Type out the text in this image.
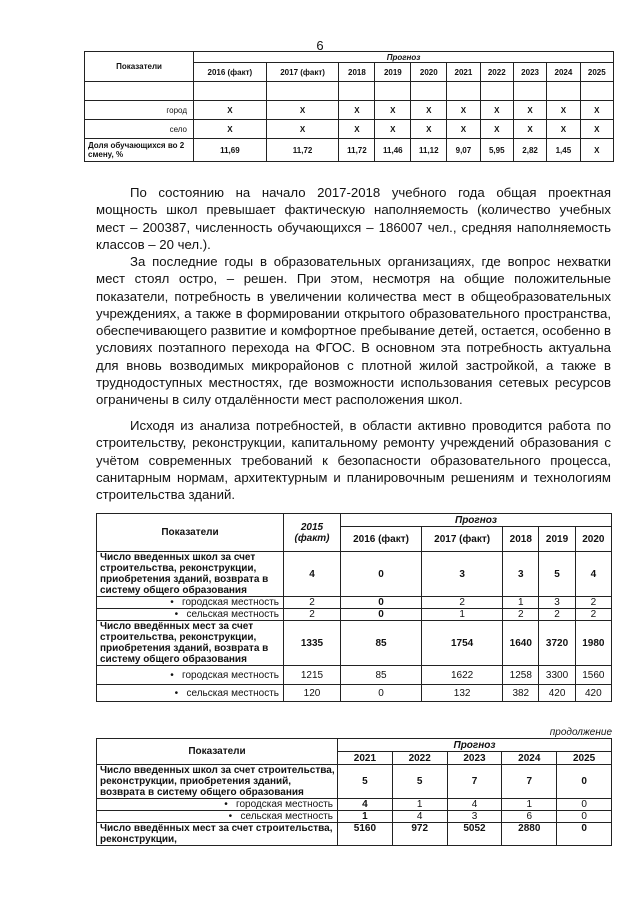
6
Показатели	Прогноз									
	2016 (факт)	2017 (факт)	2018	2019	2020	2021	2022	2023	2024	2025

город	X	X	X	X	X	X	X	X	X	X
село	X	X	X	X	X	X	X	X	X	X
Доля обучающихся во 2 смену, %	11,69	11,72	11,72	11,46	11,12	9,07	5,95	2,82	1,45	X

По состоянию на начало 2017-2018 учебного года общая проектная мощность школ превышает фактическую наполняемость (количество учебных мест – 200387, численность обучающихся – 186007 чел., средняя наполняемость классов – 20 чел.).

За последние годы в образовательных организациях, где вопрос нехватки мест стоял остро, – решен. При этом, несмотря на общие положительные показатели, потребность в увеличении количества мест в общеобразовательных учреждениях, а также в формировании открытого образовательного пространства, обеспечивающего развитие и комфортное пребывание детей, остается, особенно в условиях поэтапного перехода на ФГОС. В основном эта потребность актуальна для вновь возводимых микрорайонов с плотной жилой застройкой, а также в труднодоступных местностях, где возможности использования сетевых ресурсов ограничены в силу отдалённости мест расположения школ.

Исходя из анализа потребностей, в области активно проводится работа по строительству, реконструкции, капитальному ремонту учреждений образования с учётом современных требований к безопасности образовательного процесса, санитарным нормам, архитектурным и планировочным решениям и технологиям строительства зданий.

Показатели	2015 (факт)	Прогноз				
		2016 (факт)	2017 (факт)	2018	2019	2020
Число введенных школ за счет строительства, реконструкции, приобретения зданий, возврата в систему общего образования	4	0	3	3	5	4
•   городская местность	2	0	2	1	3	2
•   сельская местность	2	0	1	2	2	2
Число введённых мест за счет строительства, реконструкции, приобретения зданий, возврата в систему общего образования	1335	85	1754	1640	3720	1980
•   городская местность	1215	85	1622	1258	3300	1560
•   сельская местность	120	0	132	382	420	420
продолжение
Показатели	Прогноз				
	2021	2022	2023	2024	2025
Число введенных школ за счет строительства, реконструкции, приобретения зданий, возврата в систему общего образования	5	5	7	7	0
•   городская местность	4	1	4	1	0
•   сельская местность	1	4	3	6	0
Число введённых мест за счет строительства, реконструкции,	5160	972	5052	2880	0
